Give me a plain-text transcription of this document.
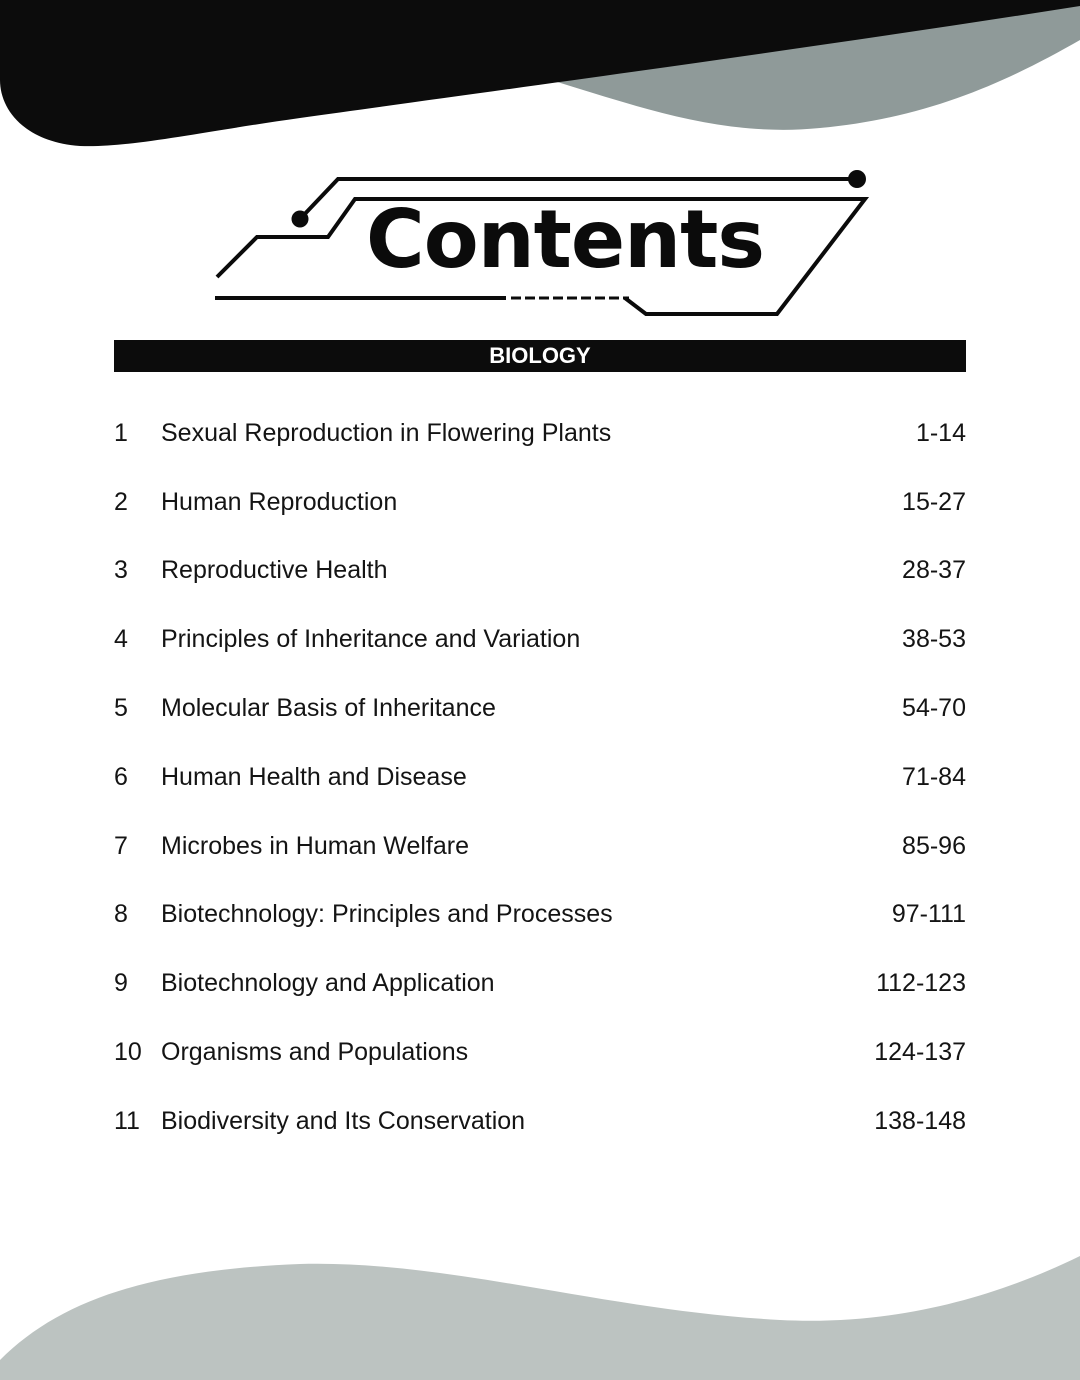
Contents
BIOLOGY
1	Sexual Reproduction in Flowering Plants	1-14
2	Human Reproduction	15-27
3	Reproductive Health	28-37
4	Principles of Inheritance and Variation	38-53
5	Molecular Basis of Inheritance	54-70
6	Human Health and Disease	71-84
7	Microbes in Human Welfare	85-96
8	Biotechnology: Principles and Processes	97-111
9	Biotechnology and Application	112-123
10 Organisms and Populations	124-137
11 Biodiversity and Its Conservation	138-148
